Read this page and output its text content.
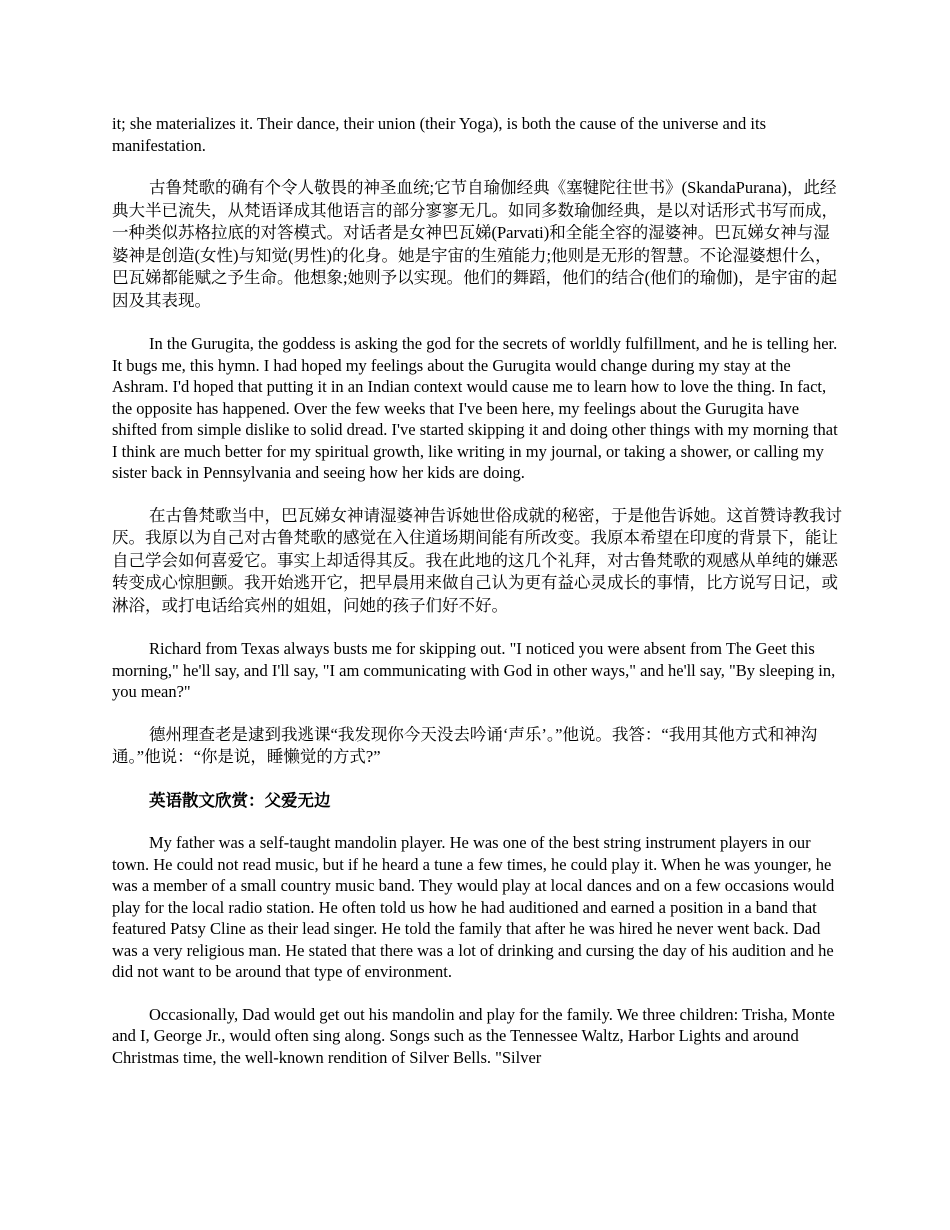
it; she materializes it. Their dance, their union (their Yoga), is both the cause of the universe and its manifestation.

古鲁梵歌的确有个令人敬畏的神圣血统;它节自瑜伽经典《塞犍陀往世书》(SkandaPurana)，此经典大半已流失，从梵语译成其他语言的部分寥寥无几。如同多数瑜伽经典，是以对话形式书写而成，一种类似苏格拉底的对答模式。对话者是女神巴瓦娣(Parvati)和全能全容的湿婆神。巴瓦娣女神与湿婆神是创造(女性)与知觉(男性)的化身。她是宇宙的生殖能力;他则是无形的智慧。不论湿婆想什么，巴瓦娣都能赋之予生命。他想象;她则予以实现。他们的舞蹈，他们的结合(他们的瑜伽)，是宇宙的起因及其表现。

In the Gurugita, the goddess is asking the god for the secrets of worldly fulfillment, and he is telling her. It bugs me, this hymn. I had hoped my feelings about the Gurugita would change during my stay at the Ashram. I'd hoped that putting it in an Indian context would cause me to learn how to love the thing. In fact, the opposite has happened. Over the few weeks that I've been here, my feelings about the Gurugita have shifted from simple dislike to solid dread. I've started skipping it and doing other things with my morning that I think are much better for my spiritual growth, like writing in my journal, or taking a shower, or calling my sister back in Pennsylvania and seeing how her kids are doing.

在古鲁梵歌当中，巴瓦娣女神请湿婆神告诉她世俗成就的秘密，于是他告诉她。这首赞诗教我讨厌。我原以为自己对古鲁梵歌的感觉在入住道场期间能有所改变。我原本希望在印度的背景下，能让自己学会如何喜爱它。事实上却适得其反。我在此地的这几个礼拜，对古鲁梵歌的观感从单纯的嫌恶转变成心惊胆颤。我开始逃开它，把早晨用来做自己认为更有益心灵成长的事情，比方说写日记，或淋浴，或打电话给宾州的姐姐，问她的孩子们好不好。

Richard from Texas always busts me for skipping out. "I noticed you were absent from The Geet this morning," he'll say, and I'll say, "I am communicating with God in other ways," and he'll say, "By sleeping in, you mean?"

德州理查老是逮到我逃课“我发现你今天没去吟诵‘声乐’。”他说。我答：“我用其他方式和神沟通。”他说：“你是说，睡懒觉的方式?”

英语散文欣赏：父爱无边

My father was a self-taught mandolin player. He was one of the best string instrument players in our town. He could not read music, but if he heard a tune a few times, he could play it. When he was younger, he was a member of a small country music band. They would play at local dances and on a few occasions would play for the local radio station. He often told us how he had auditioned and earned a position in a band that featured Patsy Cline as their lead singer. He told the family that after he was hired he never went back. Dad was a very religious man. He stated that there was a lot of drinking and cursing the day of his audition and he did not want to be around that type of environment.

Occasionally, Dad would get out his mandolin and play for the family. We three children: Trisha, Monte and I, George Jr., would often sing along. Songs such as the Tennessee Waltz, Harbor Lights and around Christmas time, the well-known rendition of Silver Bells. "Silver
